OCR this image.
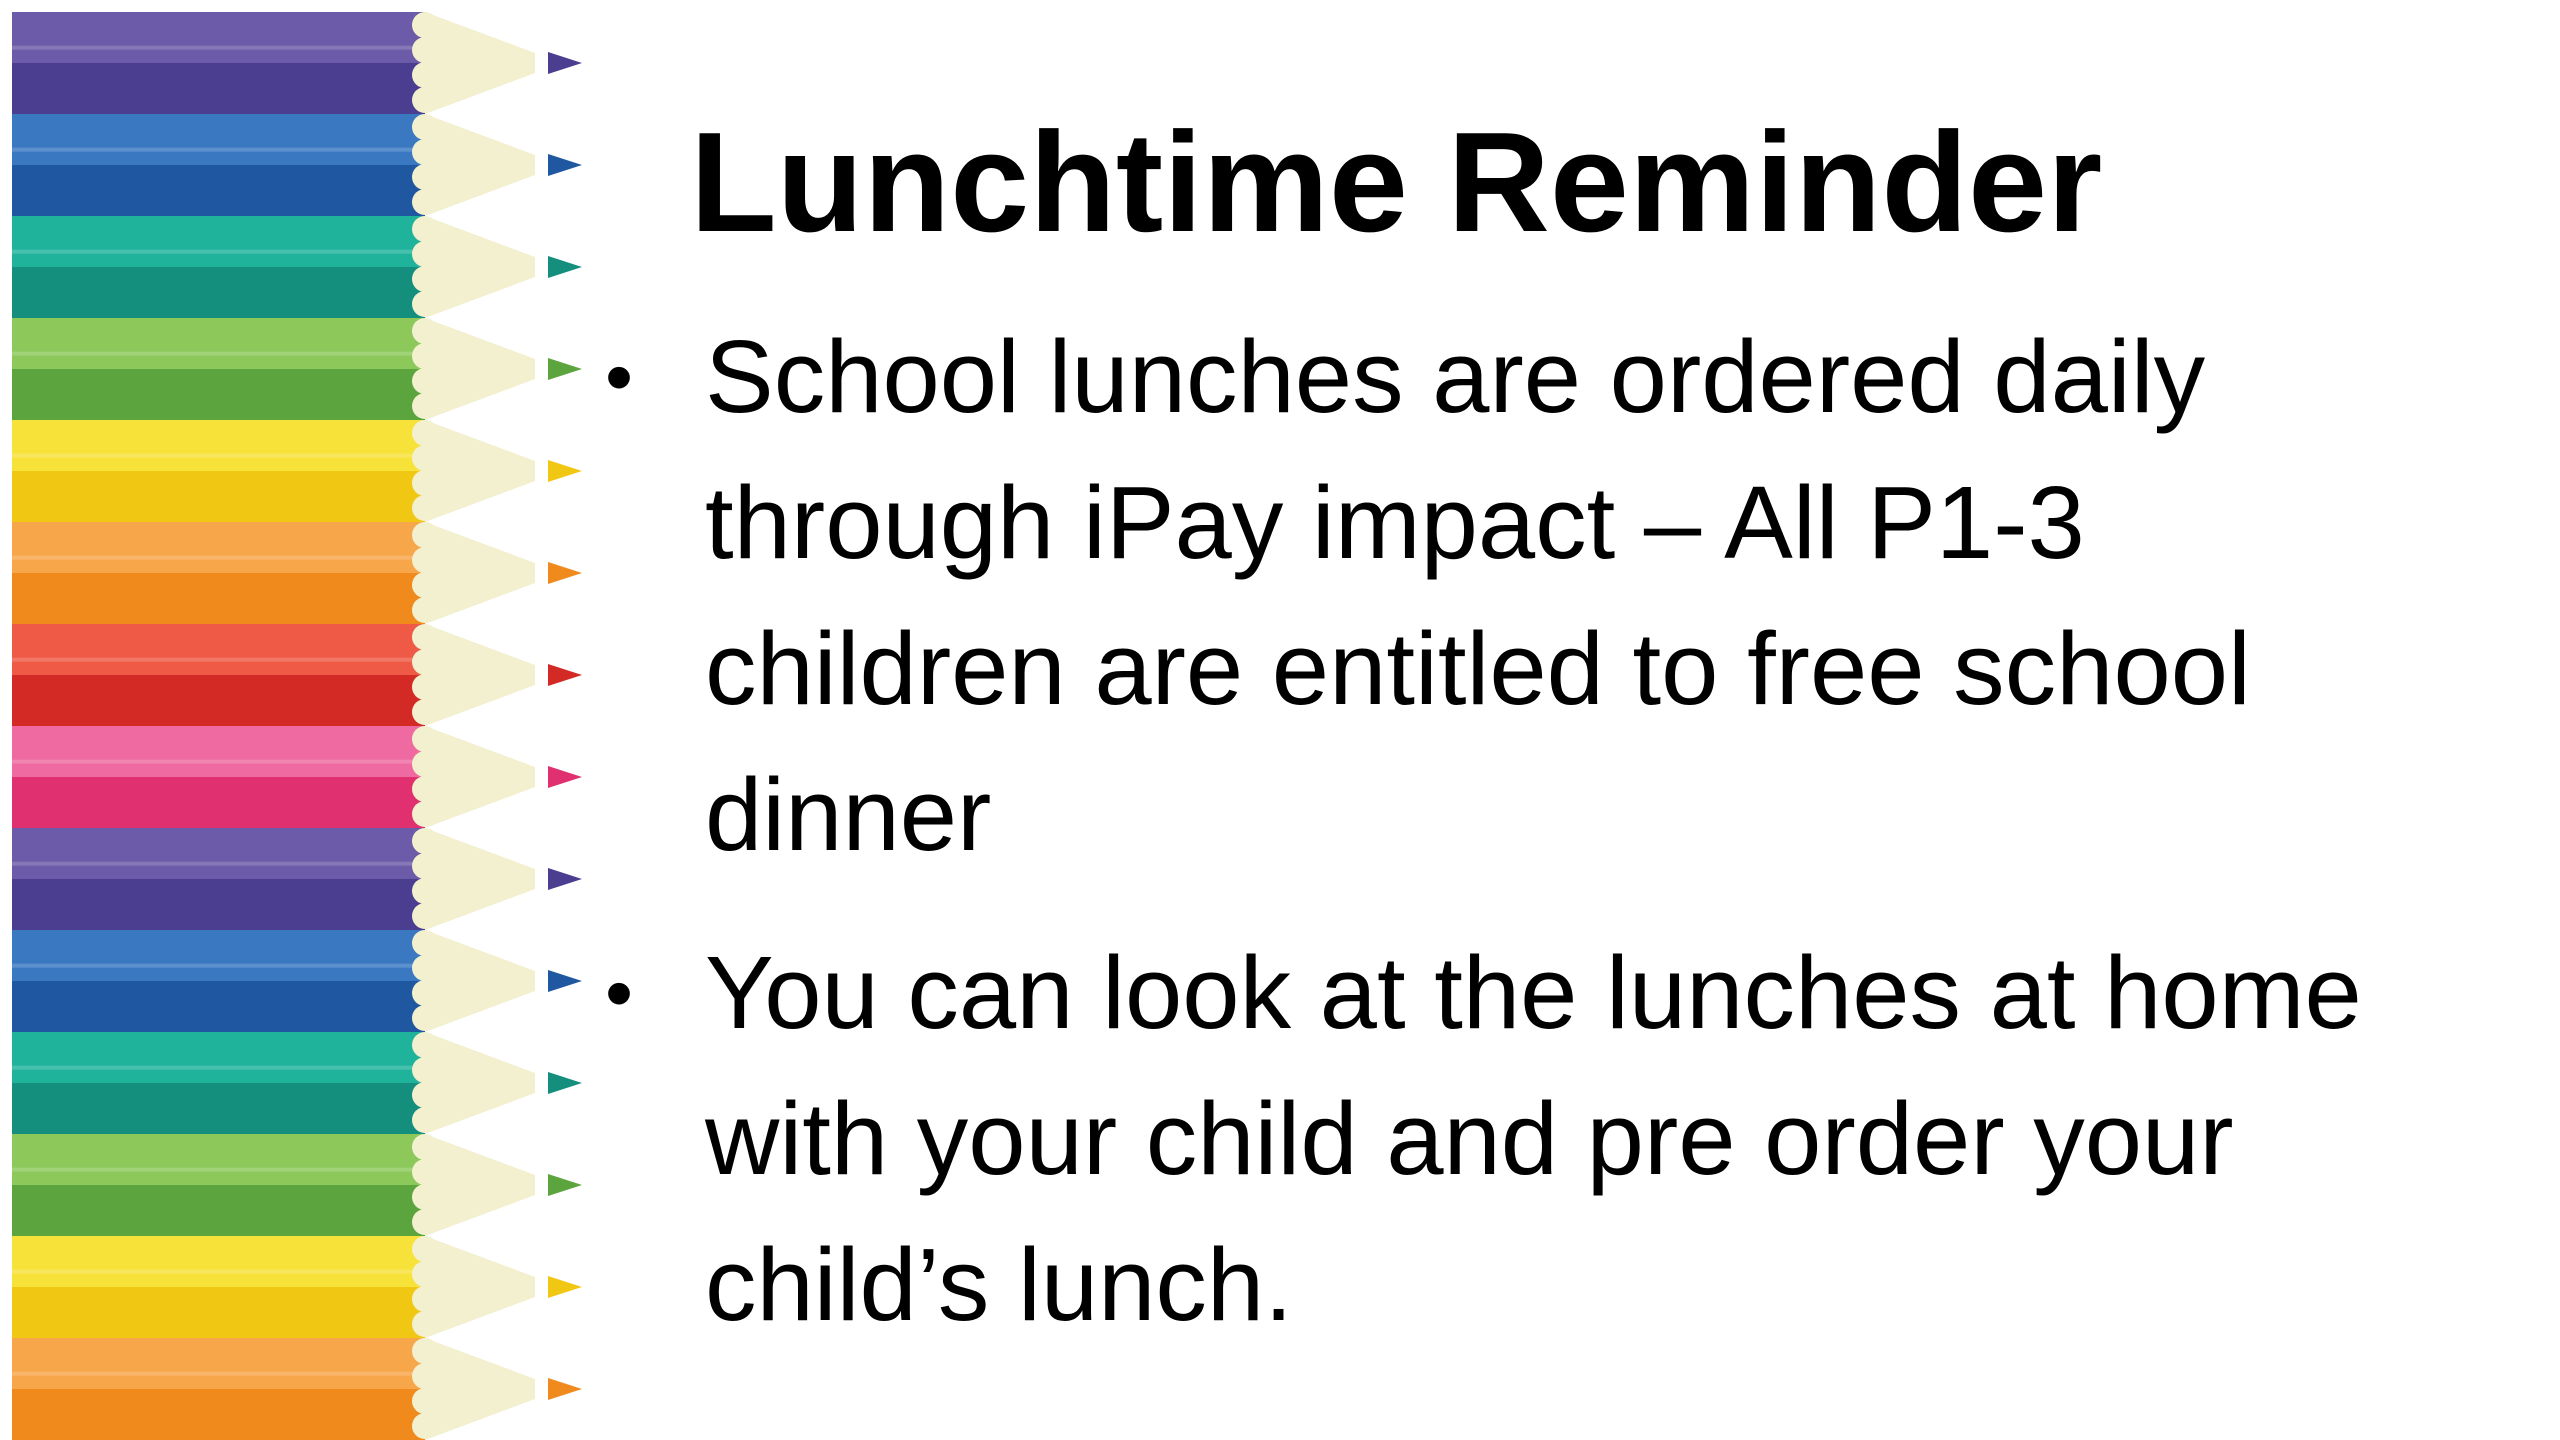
Lunchtime Reminder
• School lunches are ordered daily
through iPay impact – All P1-3
children are entitled to free school
dinner
• You can look at the lunches at home
with your child and pre order your
child’s lunch.
